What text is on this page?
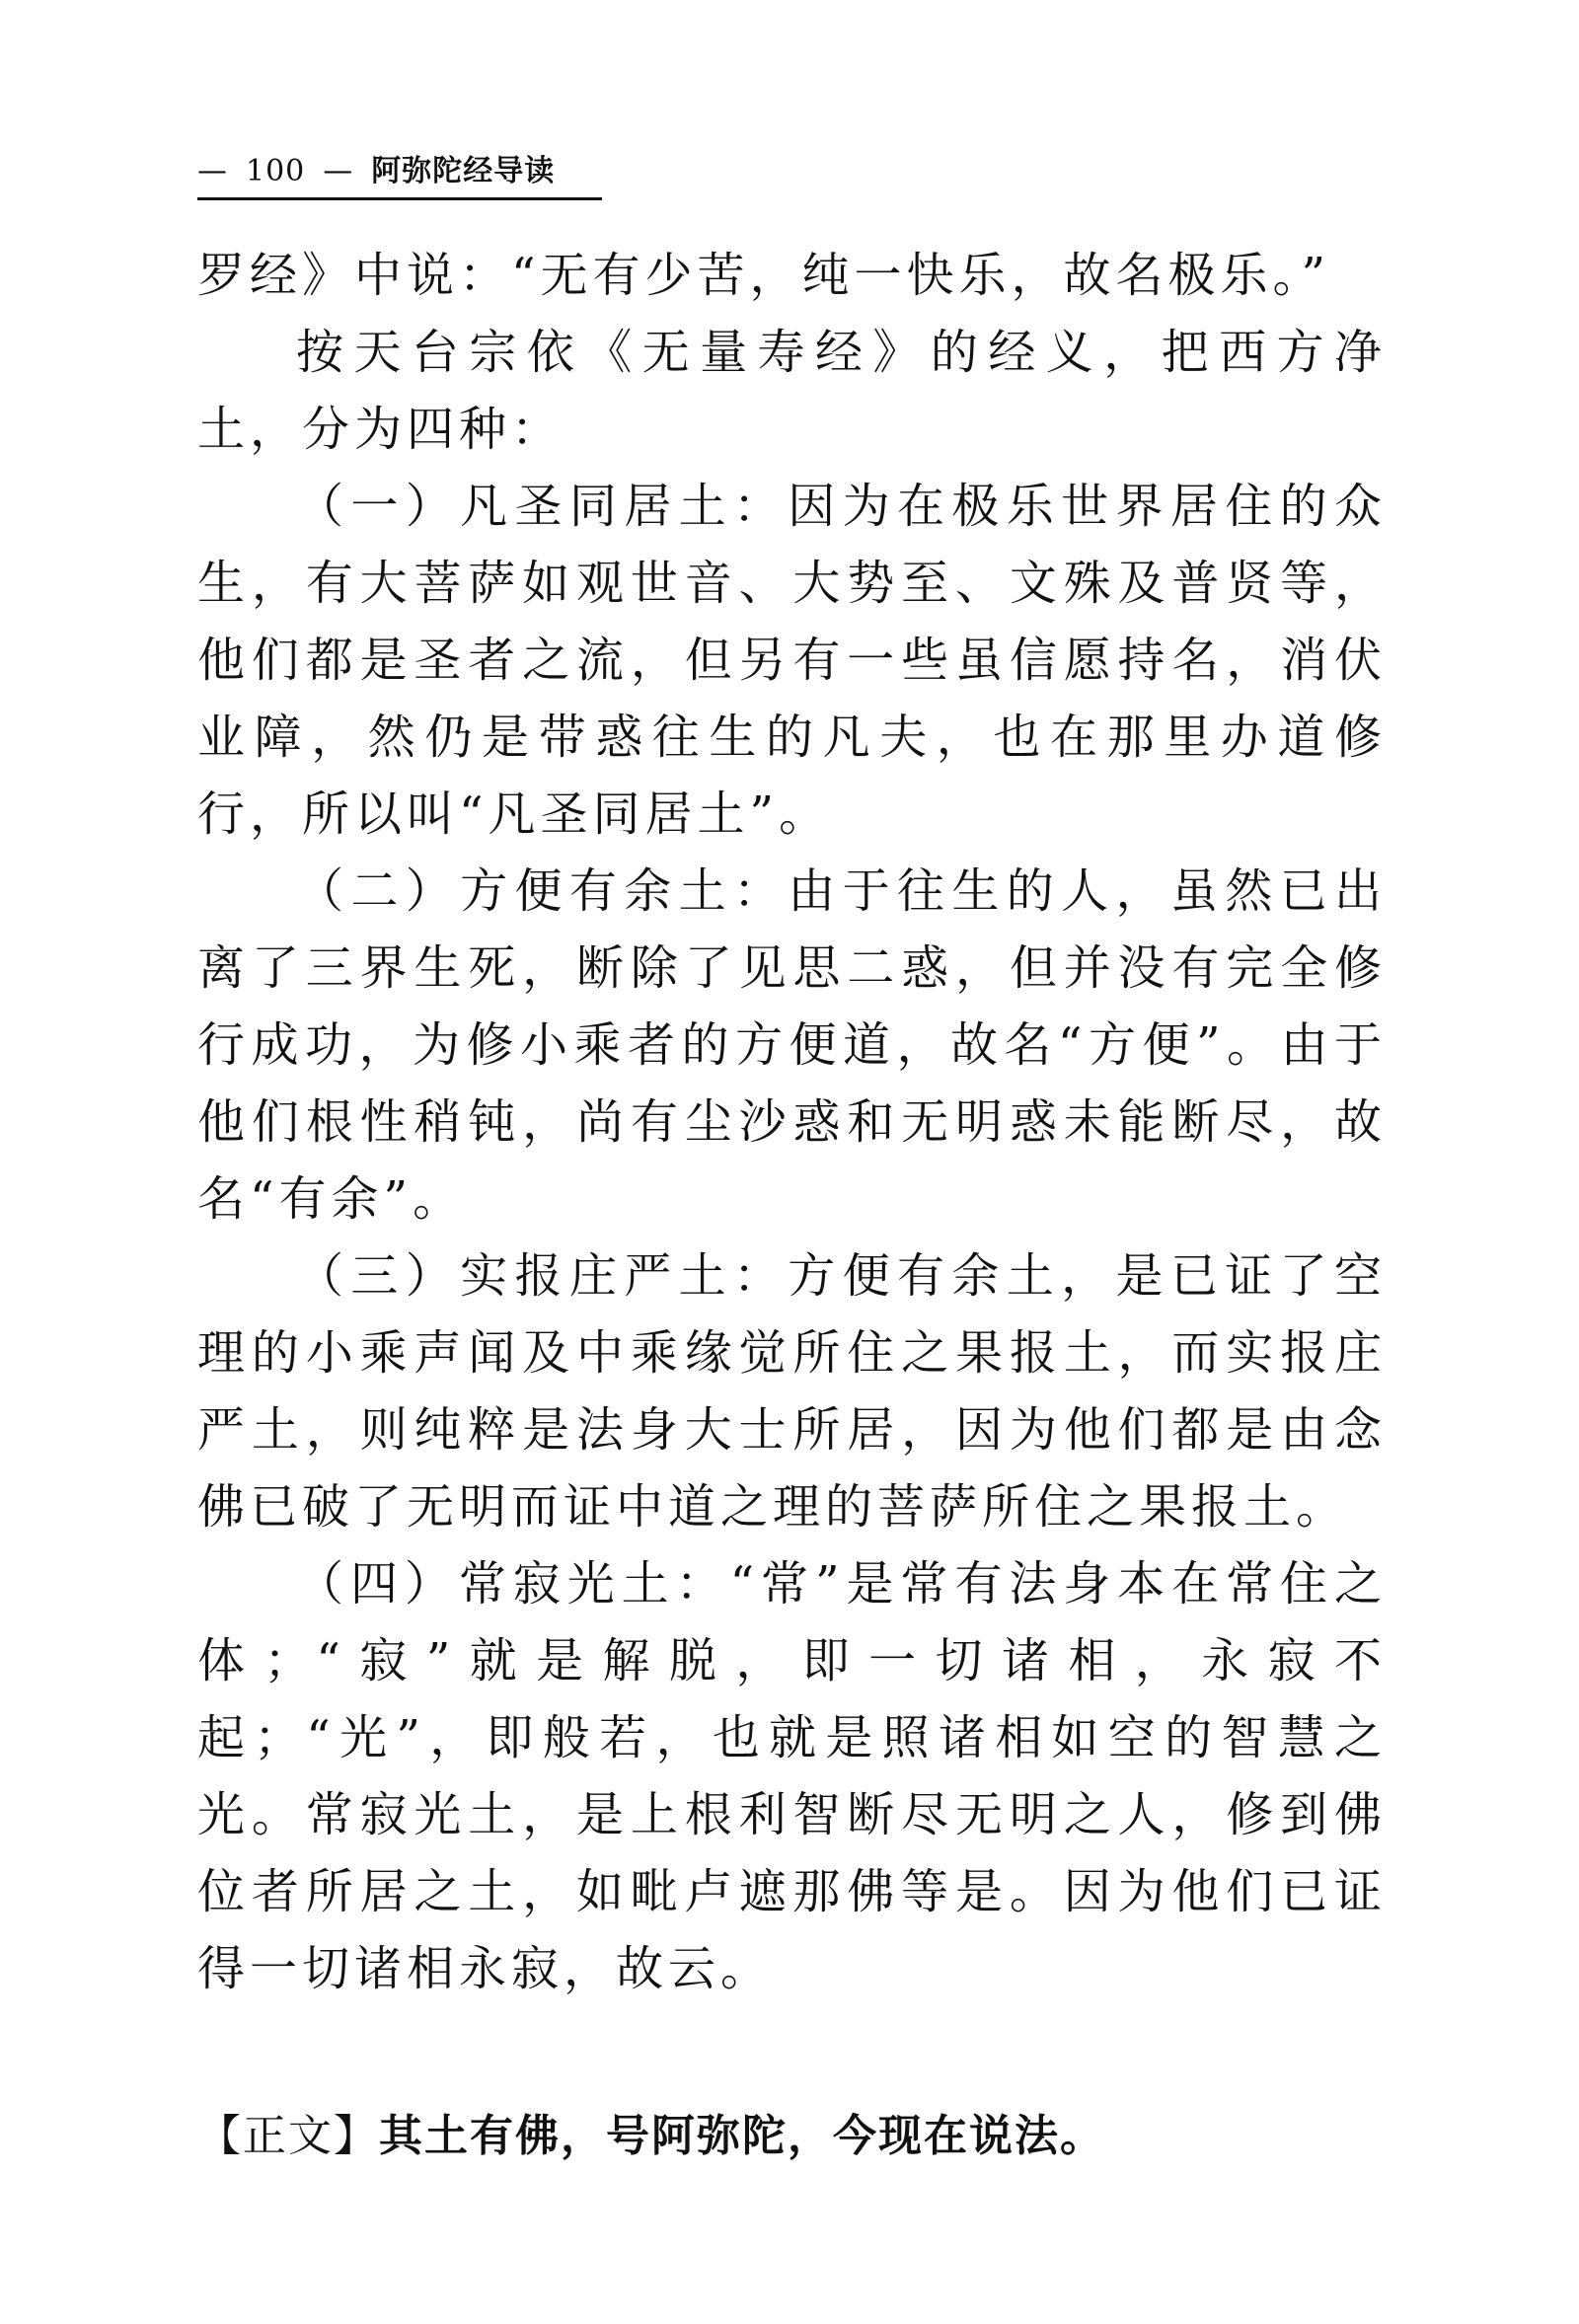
— 100 — 阿弥陀经导读

罗经》中说：“无有少苦，纯一快乐，故名极乐。”

按天台宗依《无量寿经》的经义，把西方净土，分为四种：

（一）凡圣同居土：因为在极乐世界居住的众生，有大菩萨如观世音、大势至、文殊及普贤等，他们都是圣者之流，但另有一些虽信愿持名，消伏业障，然仍是带惑往生的凡夫，也在那里办道修行，所以叫“凡圣同居土”。

（二）方便有余土：由于往生的人，虽然已出离了三界生死，断除了见思二惑，但并没有完全修行成功，为修小乘者的方便道，故名“方便”。由于他们根性稍钝，尚有尘沙惑和无明惑未能断尽，故名“有余”。

（三）实报庄严土：方便有余土，是已证了空理的小乘声闻及中乘缘觉所住之果报土，而实报庄严土，则纯粹是法身大士所居，因为他们都是由念佛已破了无明而证中道之理的菩萨所住之果报土。

（四）常寂光土：“常”是常有法身本在常住之体；“寂”就是解脱，即一切诸相，永寂不起；“光”，即般若，也就是照诸相如空的智慧之光。常寂光土，是上根利智断尽无明之人，修到佛位者所居之土，如毗卢遮那佛等是。因为他们已证得一切诸相永寂，故云。

【正文】其土有佛，号阿弥陀，今现在说法。
